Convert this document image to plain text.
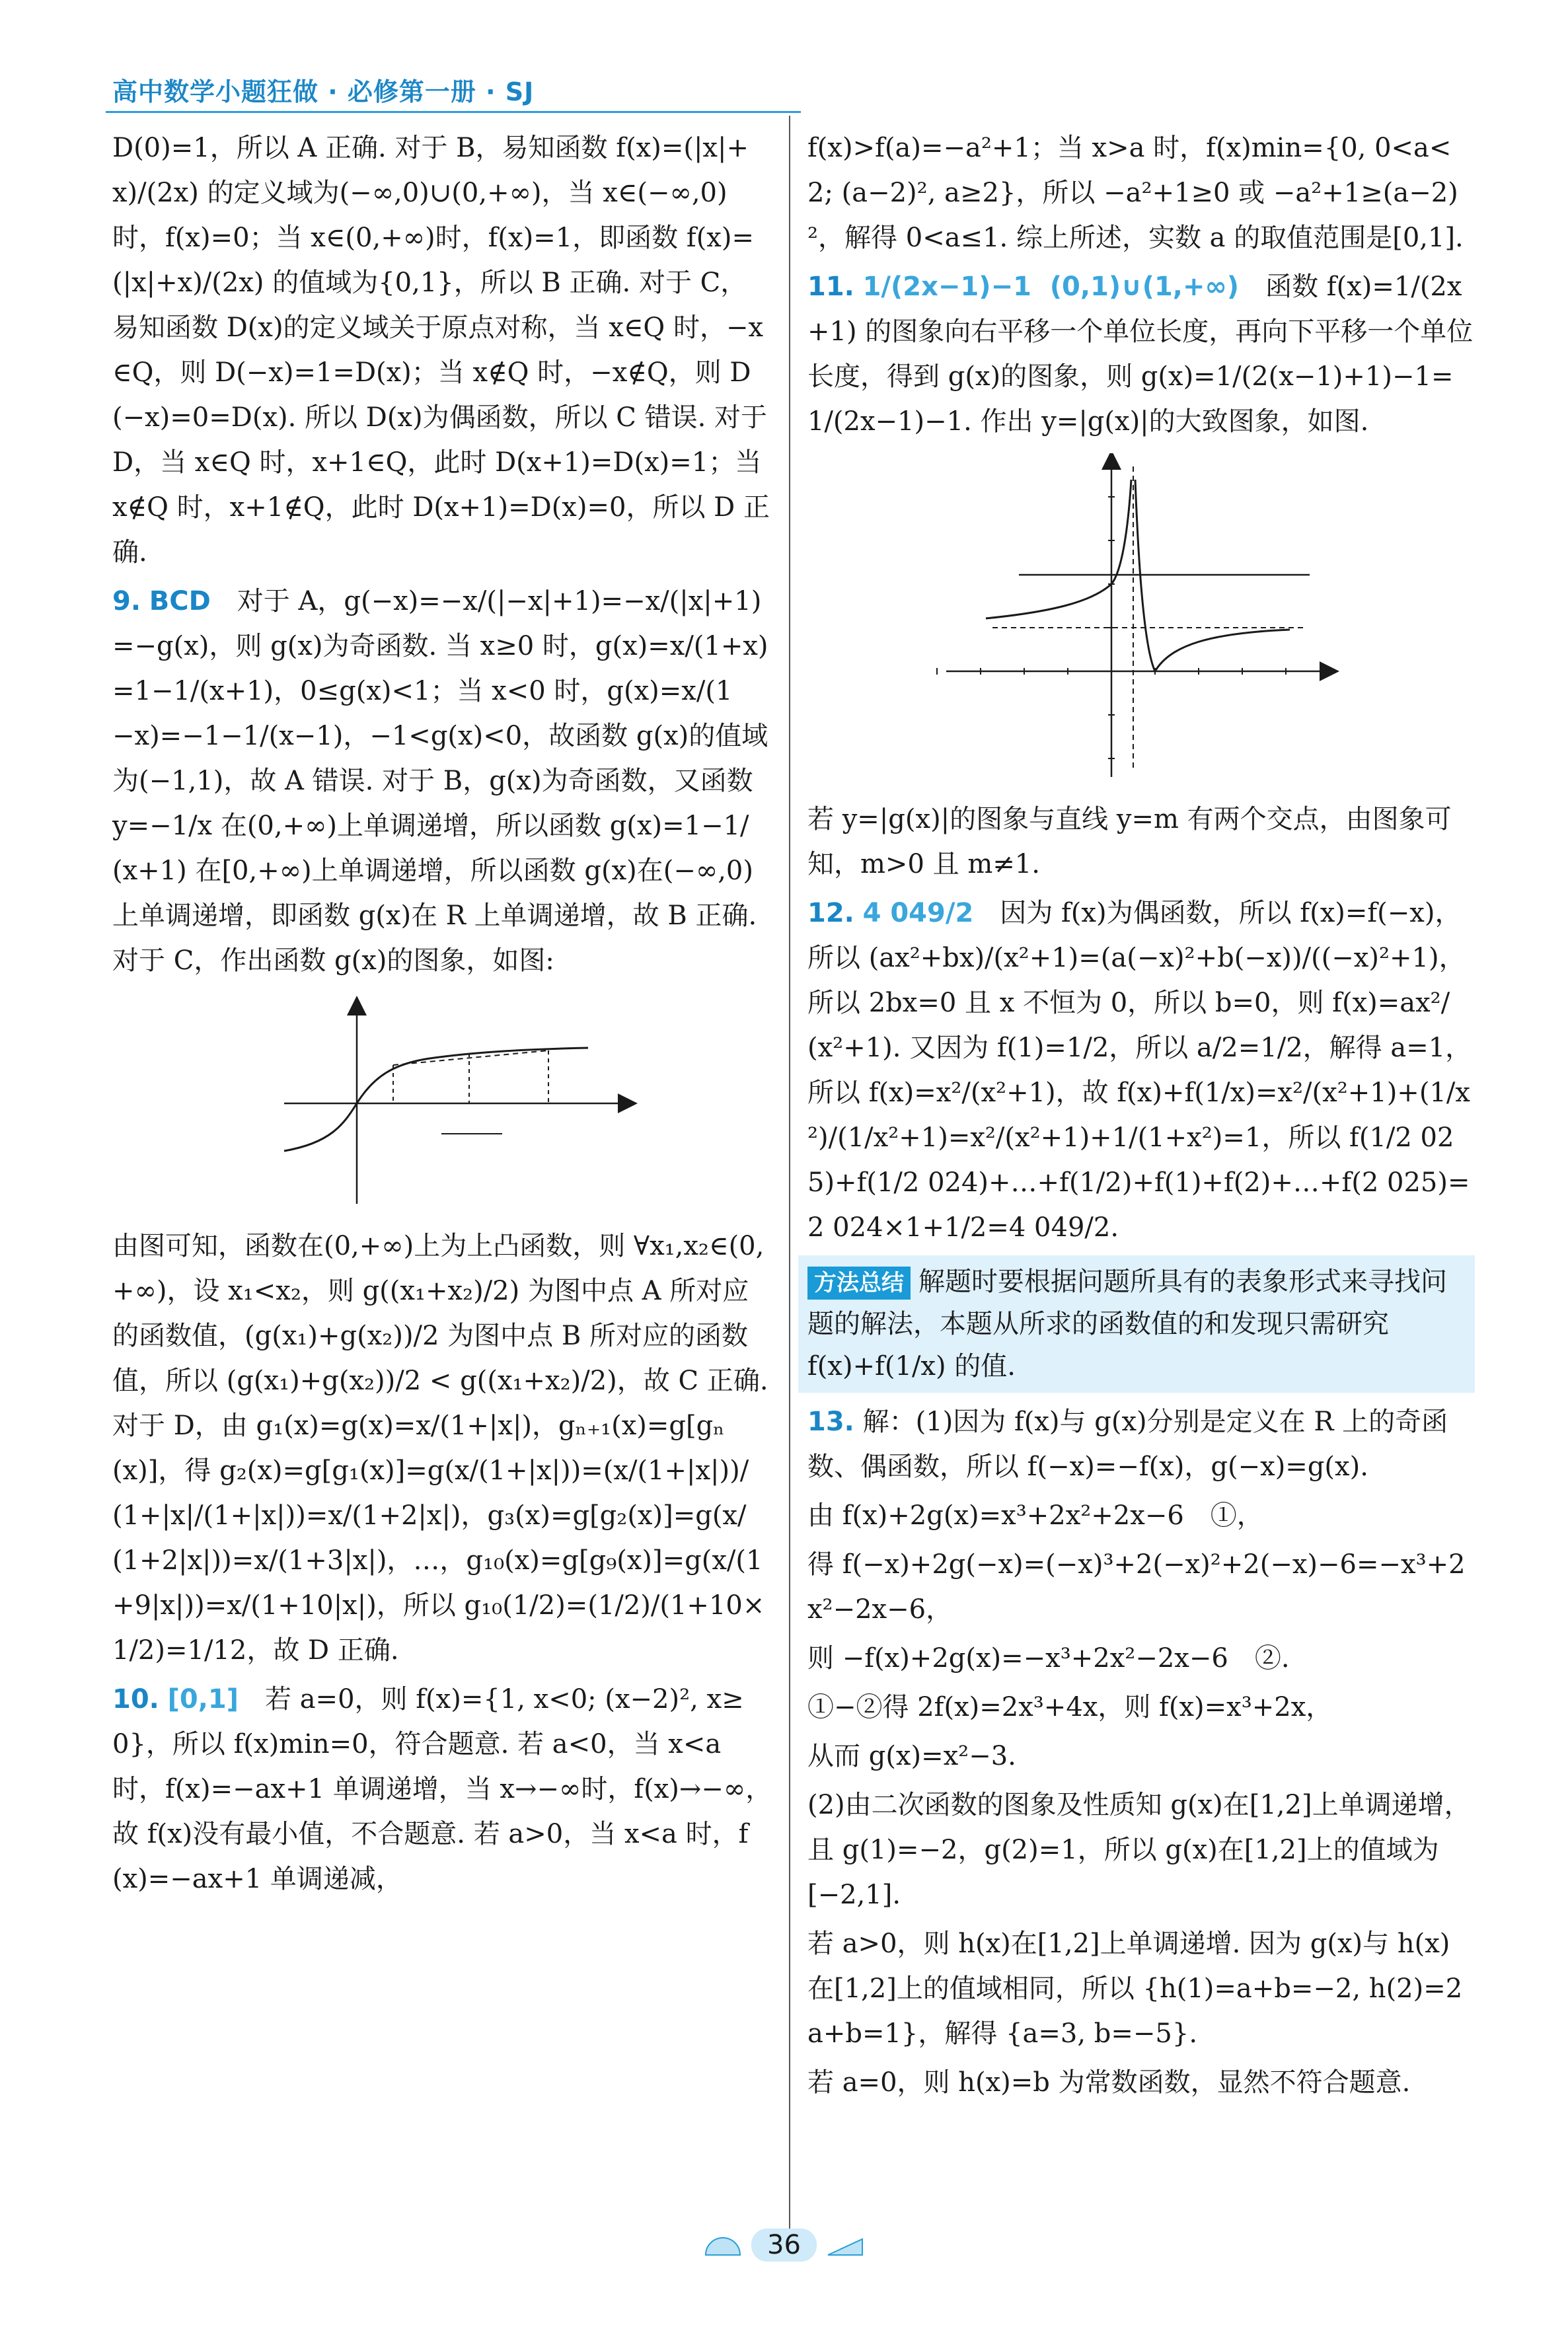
高中数学小题狂做 · 必修第一册 · SJ

D(0)=1，所以 A 正确. 对于 B，易知函数 f(x)=(|x|+x)/(2x) 的定义域为(−∞,0)∪(0,+∞)，当 x∈(−∞,0)时，f(x)=0；当 x∈(0,+∞)时，f(x)=1，即函数 f(x)=(|x|+x)/(2x) 的值域为{0,1}，所以 B 正确. 对于 C，易知函数 D(x)的定义域关于原点对称，当 x∈Q 时，−x∈Q，则 D(−x)=1=D(x)；当 x∉Q 时，−x∉Q，则 D(−x)=0=D(x). 所以 D(x)为偶函数，所以 C 错误. 对于 D，当 x∈Q 时，x+1∈Q，此时 D(x+1)=D(x)=1；当 x∉Q 时，x+1∉Q，此时 D(x+1)=D(x)=0，所以 D 正确.

9. BCD　 对于 A，g(−x)=−x/(|−x|+1)=−x/(|x|+1)=−g(x)，则 g(x)为奇函数. 当 x≥0 时，g(x)=x/(1+x)=1−1/(x+1)，0≤g(x)<1；当 x<0 时，g(x)=x/(1−x)=−1−1/(x−1)，−1<g(x)<0，故函数 g(x)的值域为(−1,1)，故 A 错误. 对于 B，g(x)为奇函数，又函数 y=−1/x 在(0,+∞)上单调递增，所以函数 g(x)=1−1/(x+1) 在[0,+∞)上单调递增，所以函数 g(x)在(−∞,0)上单调递增，即函数 g(x)在 R 上单调递增，故 B 正确. 对于 C，作出函数 g(x)的图象，如图:

由图可知，函数在(0,+∞)上为上凸函数，则 ∀x₁,x₂∈(0,+∞)，设 x₁<x₂，则 g((x₁+x₂)/2) 为图中点 A 所对应的函数值，(g(x₁)+g(x₂))/2 为图中点 B 所对应的函数值，所以 (g(x₁)+g(x₂))/2 < g((x₁+x₂)/2)，故 C 正确. 对于 D，由 g₁(x)=g(x)=x/(1+|x|)，gₙ₊₁(x)=g[gₙ(x)]，得 g₂(x)=g[g₁(x)]=g(x/(1+|x|))=(x/(1+|x|))/(1+|x|/(1+|x|))=x/(1+2|x|)，g₃(x)=g[g₂(x)]=g(x/(1+2|x|))=x/(1+3|x|)，…，g₁₀(x)=g[g₉(x)]=g(x/(1+9|x|))=x/(1+10|x|)，所以 g₁₀(1/2)=(1/2)/(1+10×1/2)=1/12，故 D 正确.

10. [0,1]　 若 a=0，则 f(x)={1, x<0; (x−2)², x≥0}，所以 f(x)min=0，符合题意. 若 a<0，当 x<a 时，f(x)=−ax+1 单调递增，当 x→−∞时，f(x)→−∞，故 f(x)没有最小值，不合题意. 若 a>0，当 x<a 时，f(x)=−ax+1 单调递减，

f(x)>f(a)=−a²+1；当 x>a 时，f(x)min={0, 0<a<2; (a−2)², a≥2}，所以 −a²+1≥0 或 −a²+1≥(a−2)²，解得 0<a≤1. 综上所述，实数 a 的取值范围是[0,1].

11. 1/(2x−1)−1  (0,1)∪(1,+∞)　 函数 f(x)=1/(2x+1) 的图象向右平移一个单位长度，再向下平移一个单位长度，得到 g(x)的图象，则 g(x)=1/(2(x−1)+1)−1=1/(2x−1)−1. 作出 y=|g(x)|的大致图象，如图.

若 y=|g(x)|的图象与直线 y=m 有两个交点，由图象可知，m>0 且 m≠1.

12. 4 049/2　 因为 f(x)为偶函数，所以 f(x)=f(−x)，所以 (ax²+bx)/(x²+1)=(a(−x)²+b(−x))/((−x)²+1)，所以 2bx=0 且 x 不恒为 0，所以 b=0，则 f(x)=ax²/(x²+1). 又因为 f(1)=1/2，所以 a/2=1/2，解得 a=1，所以 f(x)=x²/(x²+1)，故 f(x)+f(1/x)=x²/(x²+1)+(1/x²)/(1/x²+1)=x²/(x²+1)+1/(1+x²)=1，所以 f(1/2 025)+f(1/2 024)+…+f(1/2)+f(1)+f(2)+…+f(2 025)=2 024×1+1/2=4 049/2.

方法总结 解题时要根据问题所具有的表象形式来寻找问题的解法，本题从所求的函数值的和发现只需研究 f(x)+f(1/x) 的值.

13. 解：(1)因为 f(x)与 g(x)分别是定义在 R 上的奇函数、偶函数，所以 f(−x)=−f(x)，g(−x)=g(x).

由 f(x)+2g(x)=x³+2x²+2x−6　①，

得 f(−x)+2g(−x)=(−x)³+2(−x)²+2(−x)−6=−x³+2x²−2x−6，

则 −f(x)+2g(x)=−x³+2x²−2x−6　②.

①−②得 2f(x)=2x³+4x，则 f(x)=x³+2x，

从而 g(x)=x²−3.

(2)由二次函数的图象及性质知 g(x)在[1,2]上单调递增，且 g(1)=−2，g(2)=1，所以 g(x)在[1,2]上的值域为[−2,1].

若 a>0，则 h(x)在[1,2]上单调递增. 因为 g(x)与 h(x)在[1,2]上的值域相同，所以 {h(1)=a+b=−2, h(2)=2a+b=1}，解得 {a=3, b=−5}.

若 a=0，则 h(x)=b 为常数函数，显然不符合题意.

36
